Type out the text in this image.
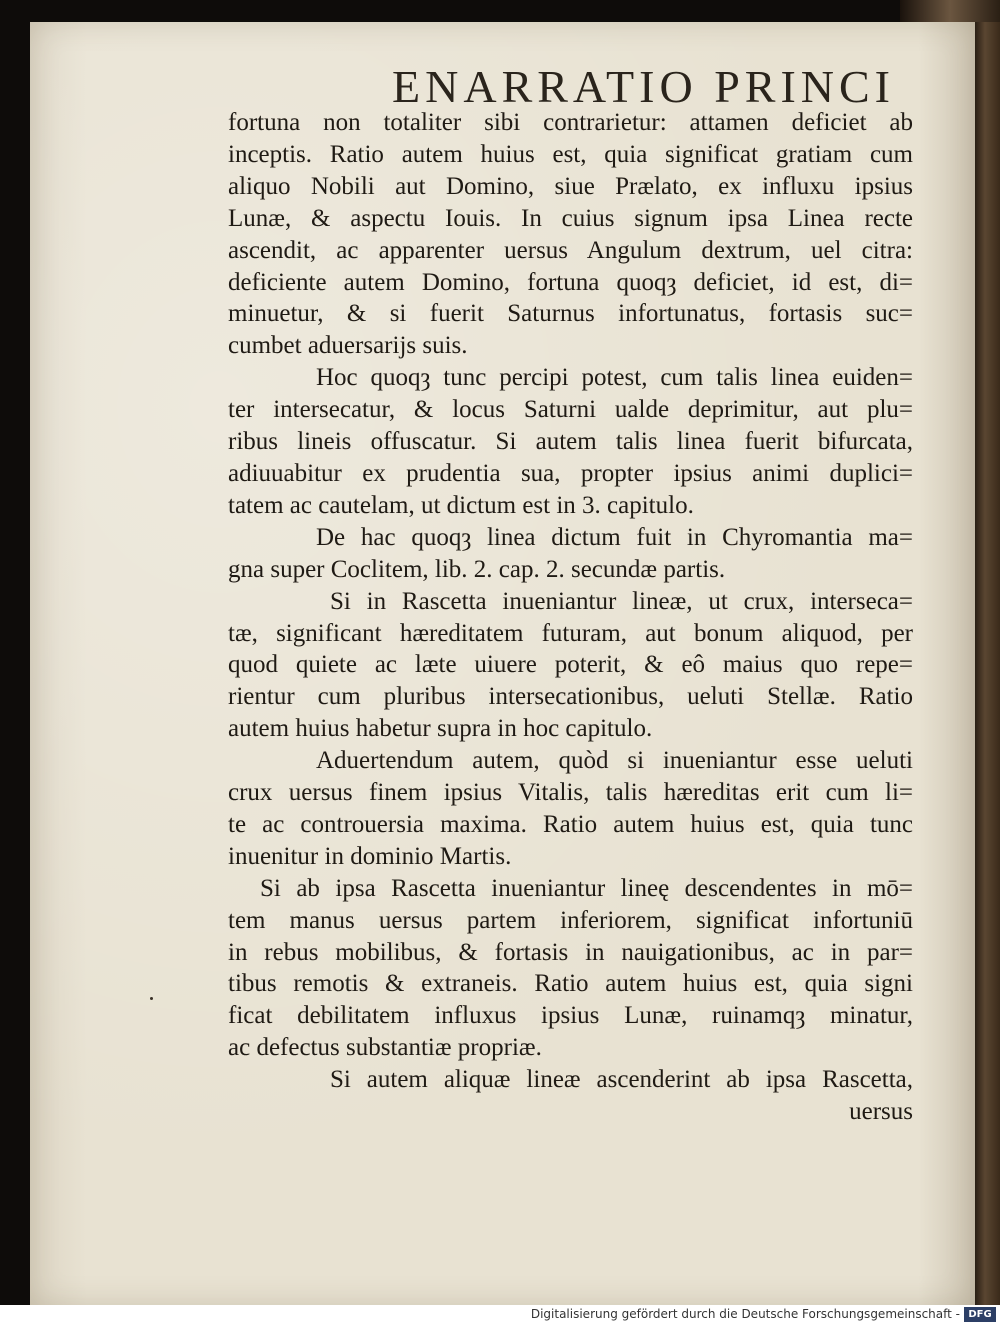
ENARRATIO PRINCI
fortuna non totaliter sibi contrarietur: attamen deficiet ab
inceptis. Ratio autem huius est, quia significat gratiam cum
aliquo Nobili aut Domino, siue Prælato, ex influxu ipsius
Lunæ, & aspectu Iouis. In cuius signum ipsa Linea recte
ascendit, ac apparenter uersus Angulum dextrum, uel citra:
deficiente autem Domino, fortuna quoqȝ deficiet, id est, di=
minuetur, & si fuerit Saturnus infortunatus, fortasis suc=
cumbet aduersarijs suis.
Hoc quoqȝ tunc percipi potest, cum talis linea euiden=
ter intersecatur, & locus Saturni ualde deprimitur, aut plu=
ribus lineis offuscatur. Si autem talis linea fuerit bifurcata,
adiuuabitur ex prudentia sua, propter ipsius animi duplici=
tatem ac cautelam, ut dictum est in 3. capitulo.
De hac quoqȝ linea dictum fuit in Chyromantia ma=
gna super Coclitem, lib. 2. cap. 2. secundæ partis.
Si in Rascetta inueniantur lineæ, ut crux, interseca=
tæ, significant hæreditatem futuram, aut bonum aliquod, per
quod quiete ac læte uiuere poterit, & eô maius quo repe=
rientur cum pluribus intersecationibus, ueluti Stellæ. Ratio
autem huius habetur supra in hoc capitulo.
Aduertendum autem, quòd si inueniantur esse ueluti
crux uersus finem ipsius Vitalis, talis hæreditas erit cum li=
te ac controuersia maxima. Ratio autem huius est, quia tunc
inuenitur in dominio Martis.
Si ab ipsa Rascetta inueniantur lineę descendentes in mō=
tem manus uersus partem inferiorem, significat infortuniū
in rebus mobilibus, & fortasis in nauigationibus, ac in par=
tibus remotis & extraneis. Ratio autem huius est, quia signi
ficat debilitatem influxus ipsius Lunæ, ruinamqȝ minatur,
ac defectus substantiæ propriæ.
Si autem aliquæ lineæ ascenderint ab ipsa Rascetta,
uersus
Digitalisierung gefördert durch die Deutsche Forschungsgemeinschaft - DFG
